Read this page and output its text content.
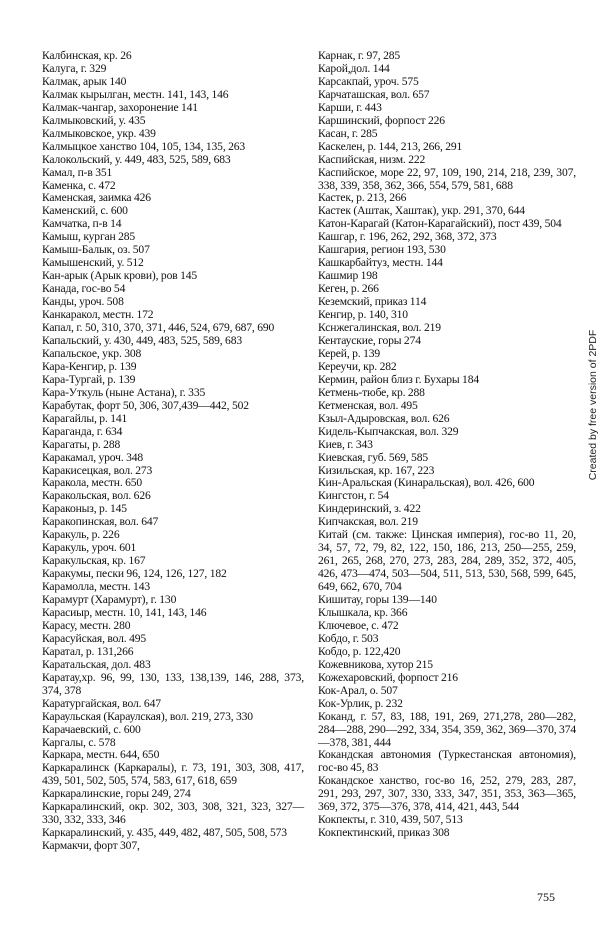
Калбинская, кр. 26
Калуга, г. 329
Калмак, арык 140
Калмак кырылган, местн. 141, 143, 146
Калмак-чангар, захоронение 141
Калмыковский, у. 435
Калмыковское, укр. 439
Калмыцкое ханство 104, 105, 134, 135, 263
Калокольский, у. 449, 483, 525, 589, 683
Камал, п-в 351
Каменка, с. 472
Каменская, заимка 426
Каменский, с. 600
Камчатка, п-в 14
Камыш, курган 285
Камыш-Балык, оз. 507
Камышенский, у. 512
Кан-арык (Арык крови), ров 145
Канада, гос-во 54
Канды, уроч. 508
Канкаракол, местн. 172
Капал, г. 50, 310, 370, 371, 446, 524, 679, 687, 690
Капальский, у. 430, 449, 483, 525, 589, 683
Капальское, укр. 308
Кара-Кенгир, р. 139
Кара-Тургай, р. 139
Кара-Уткуль (ныне Астана), г. 335
Карабутак, форт 50, 306, 307,439—442, 502
Карагайлы, р. 141
Караганда, г. 634
Карагаты, р. 288
Каракамал, уроч. 348
Каракисецкая, вол. 273
Каракола, местн. 650
Каракольская, вол. 626
Караконыз, р. 145
Каракопинская, вол. 647
Каракуль, р. 226
Каракуль, уроч. 601
Каракульская, кр. 167
Каракумы, пески 96, 124, 126, 127, 182
Карамолла, местн. 143
Карамурт (Харамурт), г. 130
Карасиыр, местн. 10, 141, 143, 146
Карасу, местн. 280
Карасуйская, вол. 495
Каратал, р. 131,266
Каратальская, дол. 483
Каратау,хр. 96, 99, 130, 133, 138,139, 146, 288, 373, 374, 378
Каратургайская, вол. 647
Караульская (Караулская), вол. 219, 273, 330
Карачаевский, с. 600
Каргалы, с. 578
Каркара, местн. 644, 650
Каркаралинск (Каркаралы), г. 73, 191, 303, 308, 417, 439, 501, 502, 505, 574, 583, 617, 618, 659
Каркаралинские, горы 249, 274
Каркаралинский, окр. 302, 303, 308, 321, 323, 327—330, 332, 333, 346
Каркаралинский, у. 435, 449, 482, 487, 505, 508, 573
Кармакчи, форт 307,
Карнак, г. 97, 285
Карой,дол. 144
Карсакпай, уроч. 575
Карчаташская, вол. 657
Карши, г. 443
Каршинский, форпост 226
Касан, г. 285
Каскелен, р. 144, 213, 266, 291
Каспийская, низм. 222
Каспийское, море 22, 97, 109, 190, 214, 218, 239, 307, 338, 339, 358, 362, 366, 554, 579, 581, 688
Кастек, р. 213, 266
Кастек (Аштак, Хаштак), укр. 291, 370, 644
Катон-Карагай (Катон-Карагайский), пост 439, 504
Кашгар, г. 196, 262, 292, 368, 372, 373
Кашгария, регион 193, 530
Кашкарбайтуз, местн. 144
Кашмир 198
Кеген, р. 266
Кеземский, приказ 114
Кенгир, р. 140, 310
Кснжегалинская, вол. 219
Кентауские, горы 274
Керей, р. 139
Кереучи, кр. 282
Кермин, район близ г. Бухары 184
Кетмень-тюбе, кр. 288
Кетменская, вол. 495
Кзыл-Адыровская, вол. 626
Кидель-Кыпчакская, вол. 329
Киев, г. 343
Киевская, губ. 569, 585
Кизильская, кр. 167, 223
Кин-Аральская (Кинаральская), вол. 426, 600
Кингстон, г. 54
Киндеринский, з. 422
Кипчакская, вол. 219
Китай (см. также: Цинская империя), гос-во 11, 20, 34, 57, 72, 79, 82, 122, 150, 186, 213, 250—255, 259, 261, 265, 268, 270, 273, 283, 284, 289, 352, 372, 405, 426, 473—474, 503—504, 511, 513, 530, 568, 599, 645, 649, 662, 670, 704
Кишитау, горы 139—140
Клышкала, кр. 366
Ключевое, с. 472
Кобдо, г. 503
Кобдо, р. 122,420
Кожевникова, хутор 215
Кожехаровский, форпост 216
Кок-Арал, о. 507
Кок-Урлик, р. 232
Коканд, г. 57, 83, 188, 191, 269, 271,278, 280—282, 284—288, 290—292, 334, 354, 359, 362, 369—370, 374—378, 381, 444
Кокандская автономия (Туркестанская автономия), гос-во 45, 83
Кокандское ханство, гос-во 16, 252, 279, 283, 287, 291, 293, 297, 307, 330, 333, 347, 351, 353, 363—365, 369, 372, 375—376, 378, 414, 421, 443, 544
Кокпекты, г. 310, 439, 507, 513
Кокпектинский, приказ 308
Created by free version of 2PDF
755
